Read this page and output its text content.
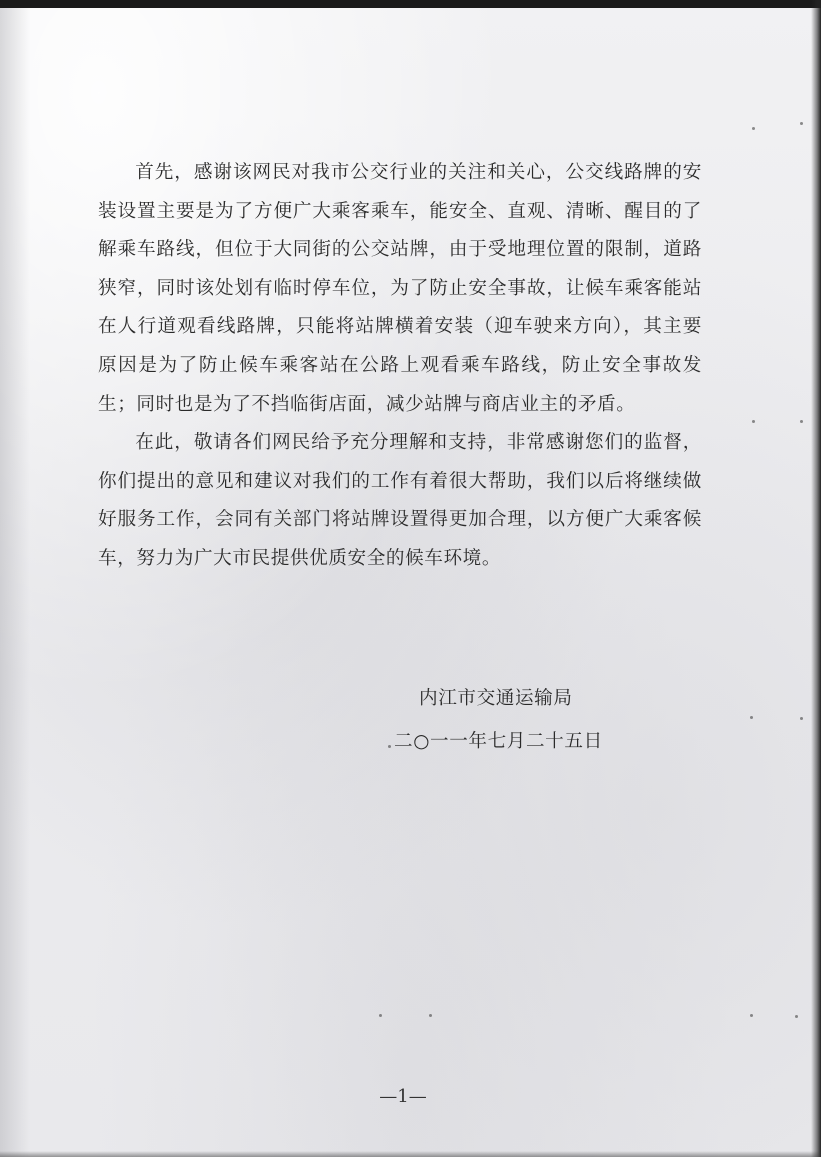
首先，感谢该网民对我市公交行业的关注和关心，公交线路牌的安装设置主要是为了方便广大乘客乘车，能安全、直观、清晰、醒目的了解乘车路线，但位于大同街的公交站牌，由于受地理位置的限制，道路狭窄，同时该处划有临时停车位，为了防止安全事故，让候车乘客能站在人行道观看线路牌，只能将站牌横着安装（迎车驶来方向），其主要原因是为了防止候车乘客站在公路上观看乘车路线，防止安全事故发生；同时也是为了不挡临街店面，减少站牌与商店业主的矛盾。

在此，敬请各们网民给予充分理解和支持，非常感谢您们的监督，你们提出的意见和建议对我们的工作有着很大帮助，我们以后将继续做好服务工作，会同有关部门将站牌设置得更加合理，以方便广大乘客候车，努力为广大市民提供优质安全的候车环境。

内江市交通运输局
二○一一年七月二十五日
—1—
